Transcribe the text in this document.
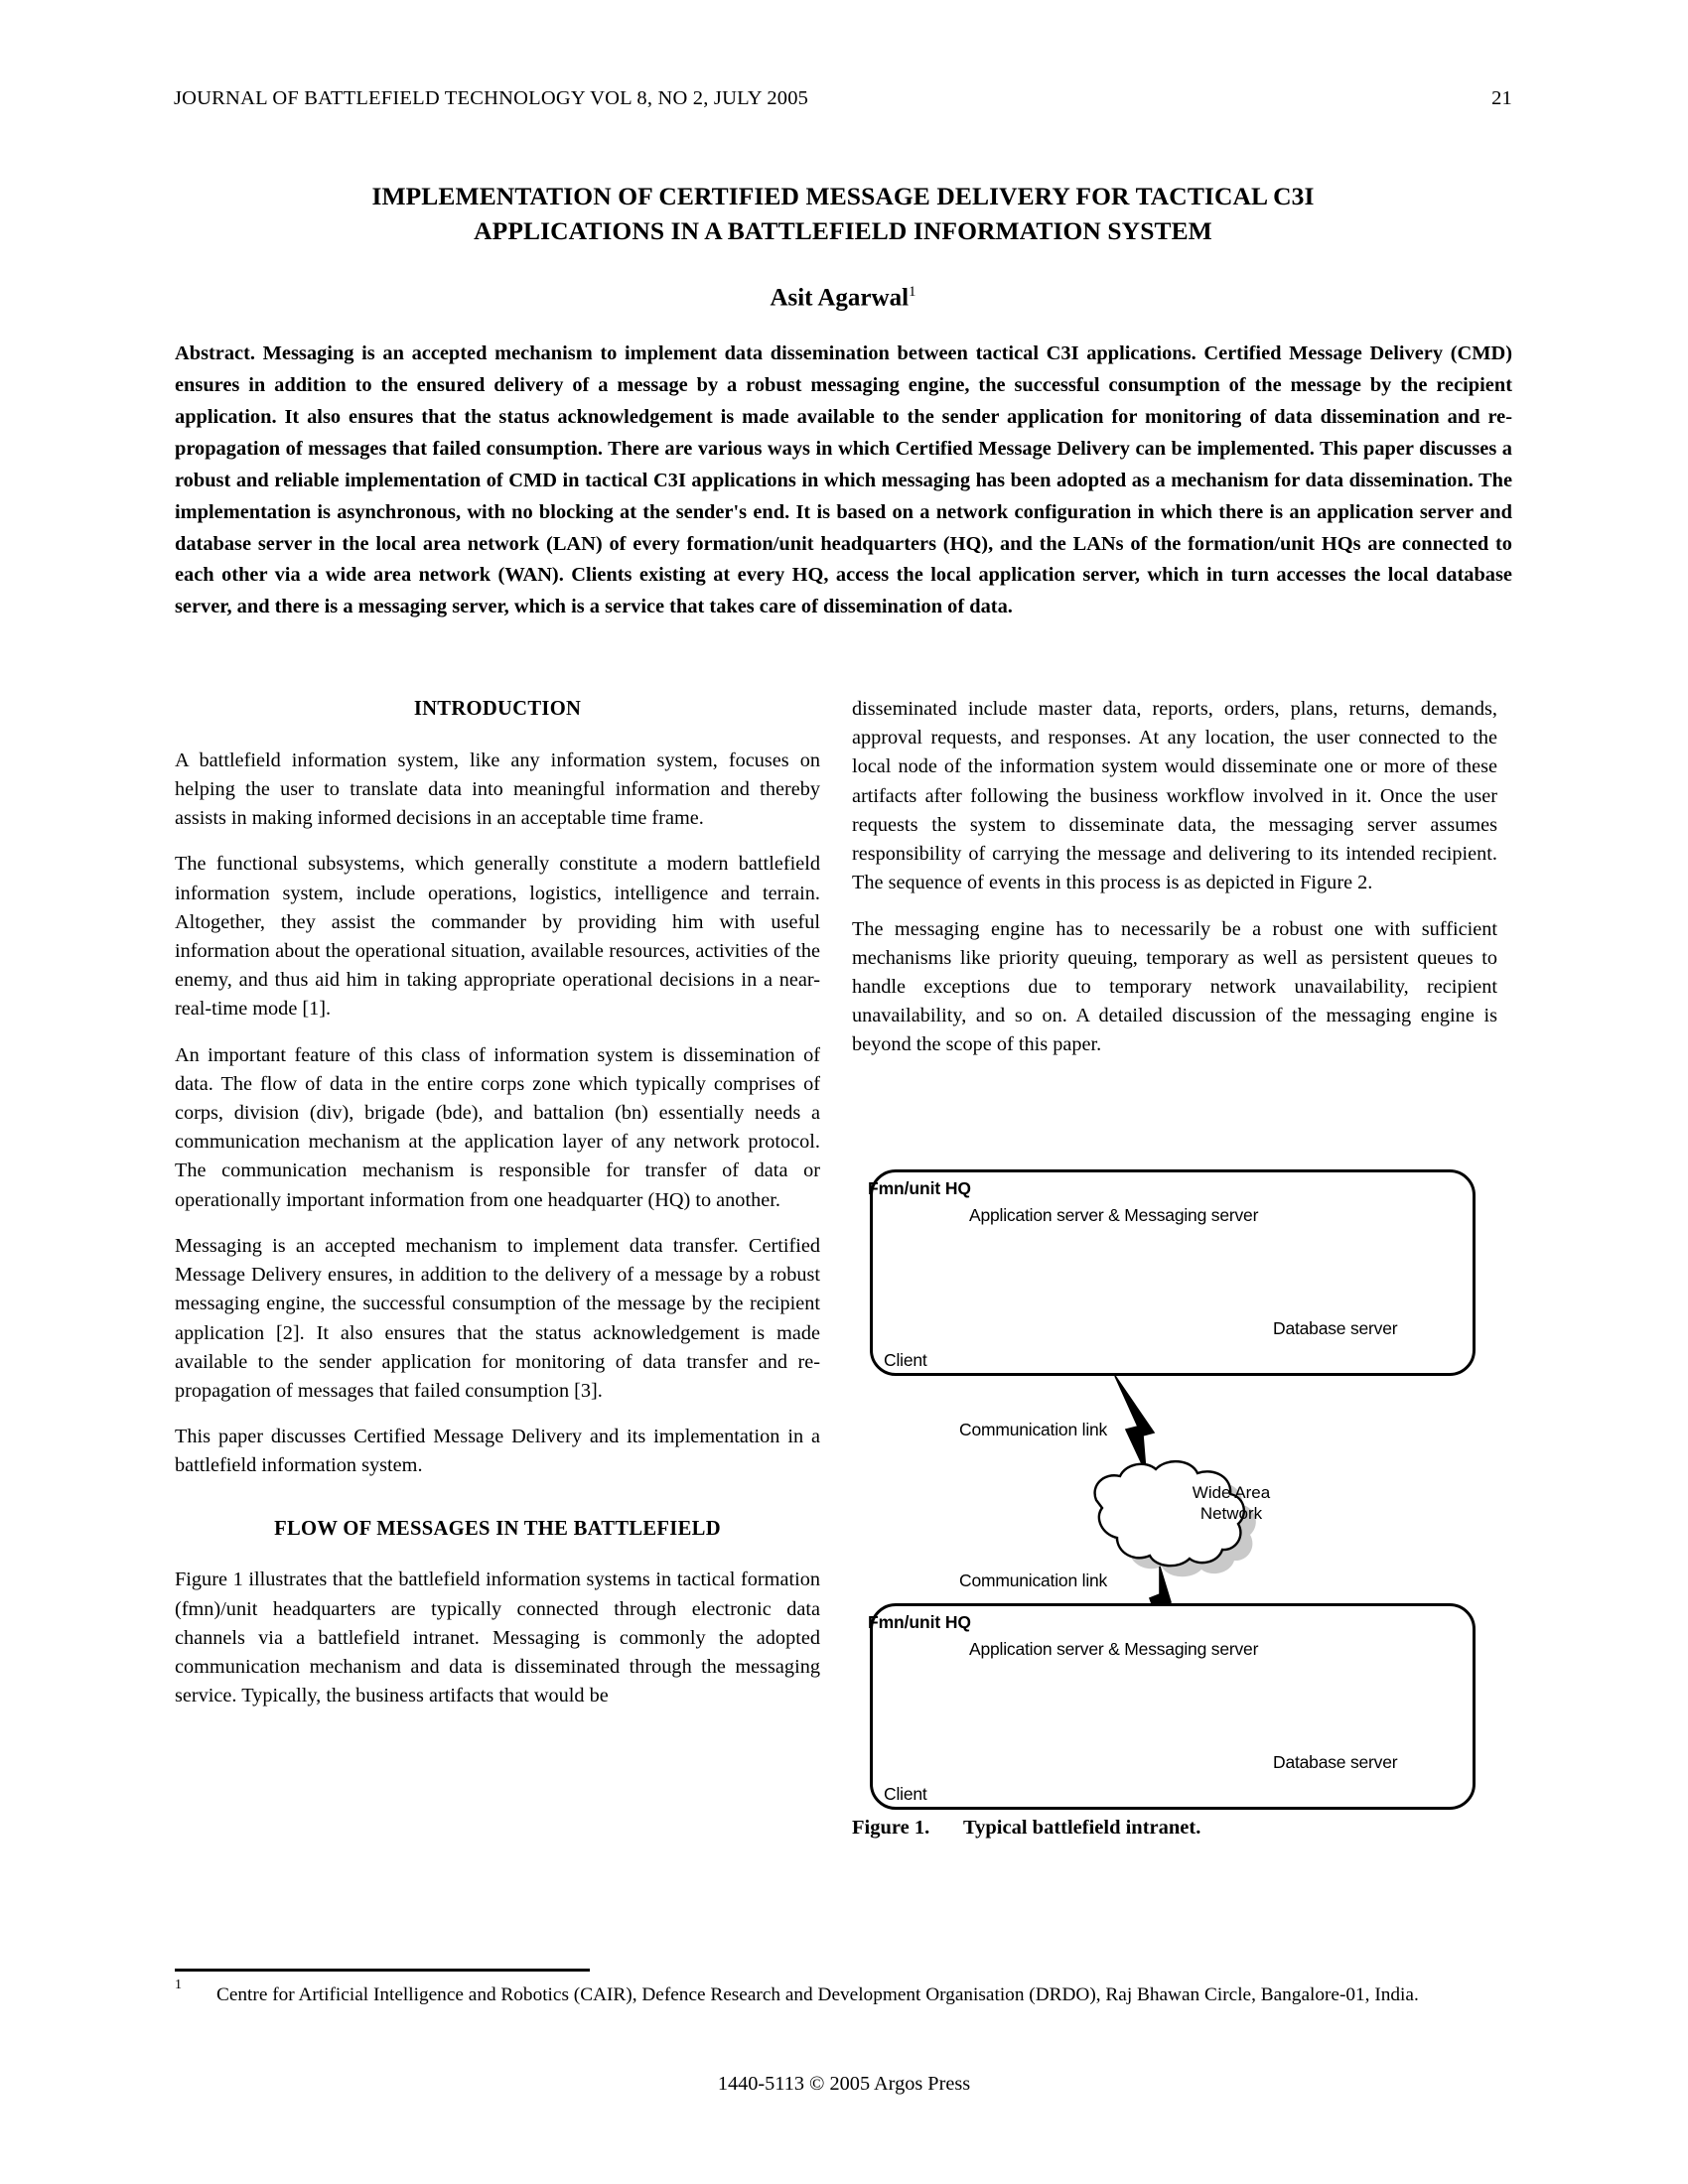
JOURNAL OF BATTLEFIELD TECHNOLOGY VOL 8, NO 2, JULY 2005	21
IMPLEMENTATION OF CERTIFIED MESSAGE DELIVERY FOR TACTICAL C3I
APPLICATIONS IN A BATTLEFIELD INFORMATION SYSTEM
Asit Agarwal$^1$
Abstract. Messaging is an accepted mechanism to implement data dissemination between tactical C3I applications. Certified Message Delivery (CMD) ensures in addition to the ensured delivery of a message by a robust messaging engine, the successful consumption of the message by the recipient application. It also ensures that the status acknowledgement is made available to the sender application for monitoring of data dissemination and re-propagation of messages that failed consumption. There are various ways in which Certified Message Delivery can be implemented. This paper discusses a robust and reliable implementation of CMD in tactical C3I applications in which messaging has been adopted as a mechanism for data dissemination. The implementation is asynchronous, with no blocking at the sender's end. It is based on a network configuration in which there is an application server and database server in the local area network (LAN) of every formation/unit headquarters (HQ), and the LANs of the formation/unit HQs are connected to each other via a wide area network (WAN). Clients existing at every HQ, access the local application server, which in turn accesses the local database server, and there is a messaging server, which is a service that takes care of dissemination of data.
INTRODUCTION

A battlefield information system, like any information system, focuses on helping the user to translate data into meaningful information and thereby assists in making informed decisions in an acceptable time frame.

The functional subsystems, which generally constitute a modern battlefield information system, include operations, logistics, intelligence and terrain. Altogether, they assist the commander by providing him with useful information about the operational situation, available resources, activities of the enemy, and thus aid him in taking appropriate operational decisions in a near-real-time mode [1].

An important feature of this class of information system is dissemination of data. The flow of data in the entire corps zone which typically comprises of corps, division (div), brigade (bde), and battalion (bn) essentially needs a communication mechanism at the application layer of any network protocol. The communication mechanism is responsible for transfer of data or operationally important information from one headquarter (HQ) to another.

Messaging is an accepted mechanism to implement data transfer. Certified Message Delivery ensures, in addition to the delivery of a message by a robust messaging engine, the successful consumption of the message by the recipient application [2]. It also ensures that the status acknowledgement is made available to the sender application for monitoring of data transfer and re-propagation of messages that failed consumption [3].

This paper discusses Certified Message Delivery and its implementation in a battlefield information system.

FLOW OF MESSAGES IN THE BATTLEFIELD

Figure 1 illustrates that the battlefield information systems in tactical formation (fmn)/unit headquarters are typically connected through electronic data channels via a battlefield intranet. Messaging is commonly the adopted communication mechanism and data is disseminated through the messaging service. Typically, the business artifacts that would be

disseminated include master data, reports, orders, plans, returns, demands, approval requests, and responses. At any location, the user connected to the local node of the information system would disseminate one or more of these artifacts after following the business workflow involved in it. Once the user requests the system to disseminate data, the messaging server assumes responsibility of carrying the message and delivering to its intended recipient. The sequence of events in this process is as depicted in Figure 2.

The messaging engine has to necessarily be a robust one with sufficient mechanisms like priority queuing, temporary as well as persistent queues to handle exceptions due to temporary network unavailability, recipient unavailability, and so on. A detailed discussion of the messaging engine is beyond the scope of this paper.

Fmn/unit HQ
Application server & Messaging server
Database server
Client
Communication link
Communication link
Wide Area
Network
Fmn/unit HQ
Application server & Messaging server
Database server
Client
Figure 1. Typical battlefield intranet.
1 Centre for Artificial Intelligence and Robotics (CAIR), Defence Research and Development Organisation (DRDO), Raj Bhawan Circle, Bangalore-01, India.
1440-5113 © 2005 Argos Press
